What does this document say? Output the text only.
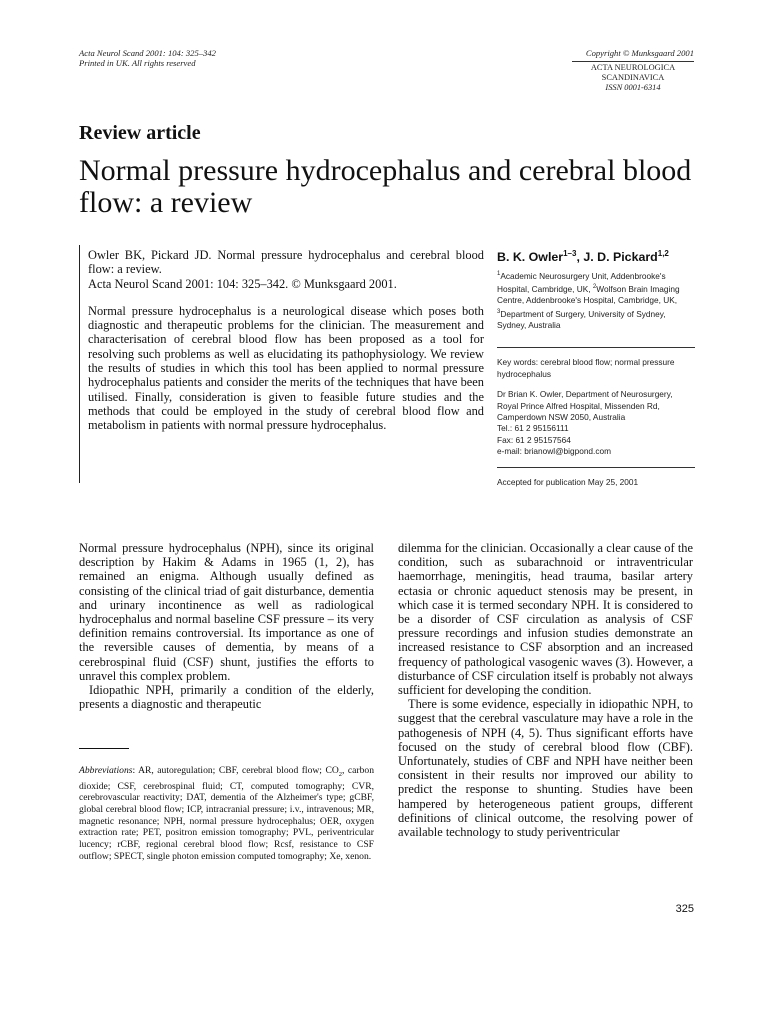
Acta Neurol Scand 2001: 104: 325–342
Printed in UK. All rights reserved
Copyright © Munksgaard 2001
ACTA NEUROLOGICA
SCANDINAVICA
ISSN 0001-6314
Review article
Normal pressure hydrocephalus and cerebral blood flow: a review

Owler BK, Pickard JD. Normal pressure hydrocephalus and cerebral blood flow: a review.
Acta Neurol Scand 2001: 104: 325–342. © Munksgaard 2001.

Normal pressure hydrocephalus is a neurological disease which poses both diagnostic and therapeutic problems for the clinician. The measurement and characterisation of cerebral blood flow has been proposed as a tool for resolving such problems as well as elucidating its pathophysiology. We review the results of studies in which this tool has been applied to normal pressure hydrocephalus patients and consider the merits of the techniques that have been utilised. Finally, consideration is given to feasible future studies and the methods that could be employed in the study of cerebral blood flow and metabolism in patients with normal pressure hydrocephalus.

B. K. Owler$^{1-3}$, J. D. Pickard$^{1,2}$
$^1$Academic Neurosurgery Unit, Addenbrooke's Hospital, Cambridge, UK, $^2$Wolfson Brain Imaging Centre, Addenbrooke's Hospital, Cambridge, UK,
$^3$Department of Surgery, University of Sydney, Sydney, Australia
Key words: cerebral blood flow; normal pressure hydrocephalus
Dr Brian K. Owler, Department of Neurosurgery, Royal Prince Alfred Hospital, Missenden Rd, Camperdown NSW 2050, Australia
Tel.: 61 2 95156111
Fax: 61 2 95157564
e-mail: brianowl@bigpond.com
Accepted for publication May 25, 2001

Normal pressure hydrocephalus (NPH), since its original description by Hakim & Adams in 1965 (1, 2), has remained an enigma. Although usually defined as consisting of the clinical triad of gait disturbance, dementia and urinary incontinence as well as radiological hydrocephalus and normal baseline CSF pressure – its very definition remains controversial. Its importance as one of the reversible causes of dementia, by means of a cerebrospinal fluid (CSF) shunt, justifies the efforts to unravel this complex problem.

Idiopathic NPH, primarily a condition of the elderly, presents a diagnostic and therapeutic

Abbreviations: AR, autoregulation; CBF, cerebral blood flow; $CO_2$, carbon dioxide; CSF, cerebrospinal fluid; CT, computed tomography; CVR, cerebrovascular reactivity; DAT, dementia of the Alzheimer's type; gCBF, global cerebral blood flow; ICP, intracranial pressure; i.v., intravenous; MR, magnetic resonance; NPH, normal pressure hydrocephalus; OER, oxygen extraction rate; PET, positron emission tomography; PVL, periventricular lucency; rCBF, regional cerebral blood flow; Rcsf, resistance to CSF outflow; SPECT, single photon emission computed tomography; Xe, xenon.

dilemma for the clinician. Occasionally a clear cause of the condition, such as subarachnoid or intraventricular haemorrhage, meningitis, head trauma, basilar artery ectasia or chronic aqueduct stenosis may be present, in which case it is termed secondary NPH. It is considered to be a disorder of CSF circulation as analysis of CSF pressure recordings and infusion studies demonstrate an increased resistance to CSF absorption and an increased frequency of pathological vasogenic waves (3). However, a disturbance of CSF circulation itself is probably not always sufficient for developing the condition.

There is some evidence, especially in idiopathic NPH, to suggest that the cerebral vasculature may have a role in the pathogenesis of NPH (4, 5). Thus significant efforts have focused on the study of cerebral blood flow (CBF). Unfortunately, studies of CBF and NPH have neither been consistent in their results nor improved our ability to predict the response to shunting. Studies have been hampered by heterogeneous patient groups, different definitions of clinical outcome, the resolving power of available technology to study periventricular

325
